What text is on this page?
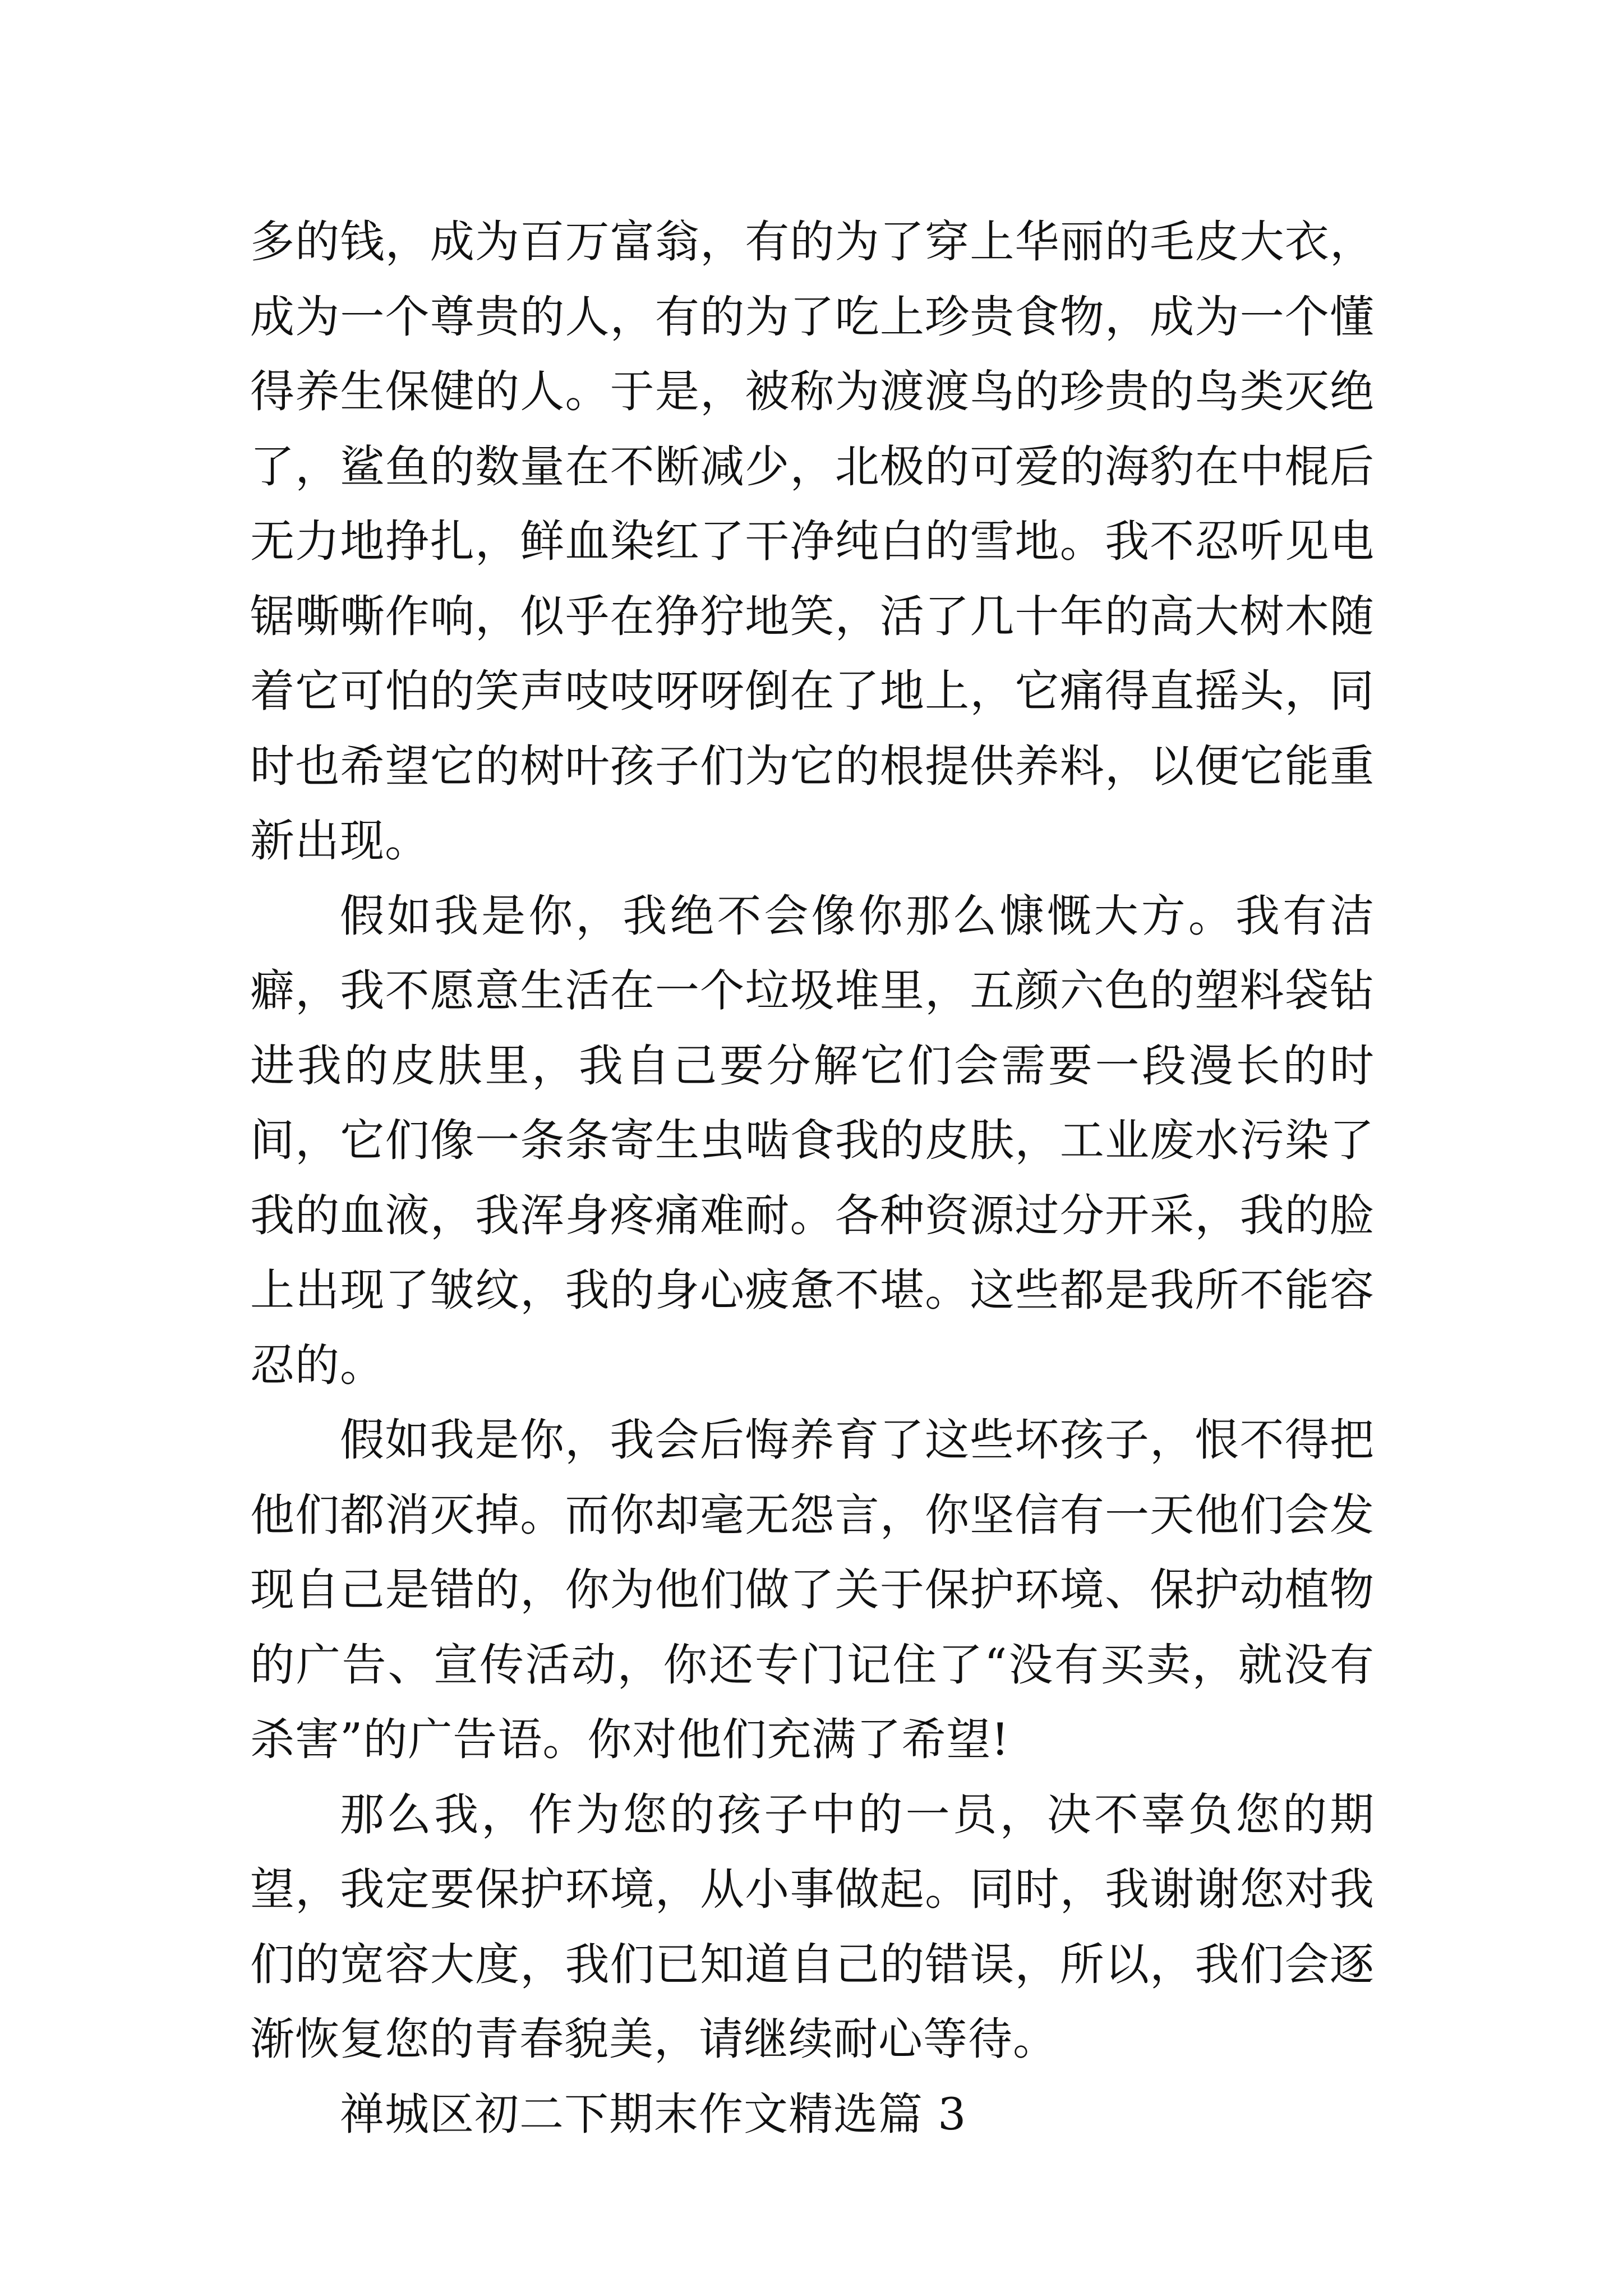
多的钱，成为百万富翁，有的为了穿上华丽的毛皮大衣，成为一个尊贵的人，有的为了吃上珍贵食物，成为一个懂得养生保健的人。于是，被称为渡渡鸟的珍贵的鸟类灭绝了，鲨鱼的数量在不断减少，北极的可爱的海豹在中棍后无力地挣扎，鲜血染红了干净纯白的雪地。我不忍听见电锯嘶嘶作响，似乎在狰狞地笑，活了几十年的高大树木随着它可怕的笑声吱吱呀呀倒在了地上，它痛得直摇头，同时也希望它的树叶孩子们为它的根提供养料，以便它能重新出现。

假如我是你，我绝不会像你那么慷慨大方。我有洁癖，我不愿意生活在一个垃圾堆里，五颜六色的塑料袋钻进我的皮肤里，我自己要分解它们会需要一段漫长的时间，它们像一条条寄生虫啮食我的皮肤，工业废水污染了我的血液，我浑身疼痛难耐。各种资源过分开采，我的脸上出现了皱纹，我的身心疲惫不堪。这些都是我所不能容忍的。

假如我是你，我会后悔养育了这些坏孩子，恨不得把他们都消灭掉。而你却毫无怨言，你坚信有一天他们会发现自己是错的，你为他们做了关于保护环境、保护动植物的广告、宣传活动，你还专门记住了“没有买卖，就没有杀害”的广告语。你对他们充满了希望!

那么我，作为您的孩子中的一员，决不辜负您的期望，我定要保护环境，从小事做起。同时，我谢谢您对我们的宽容大度，我们已知道自己的错误，所以，我们会逐渐恢复您的青春貌美，请继续耐心等待。

禅城区初二下期末作文精选篇 3
